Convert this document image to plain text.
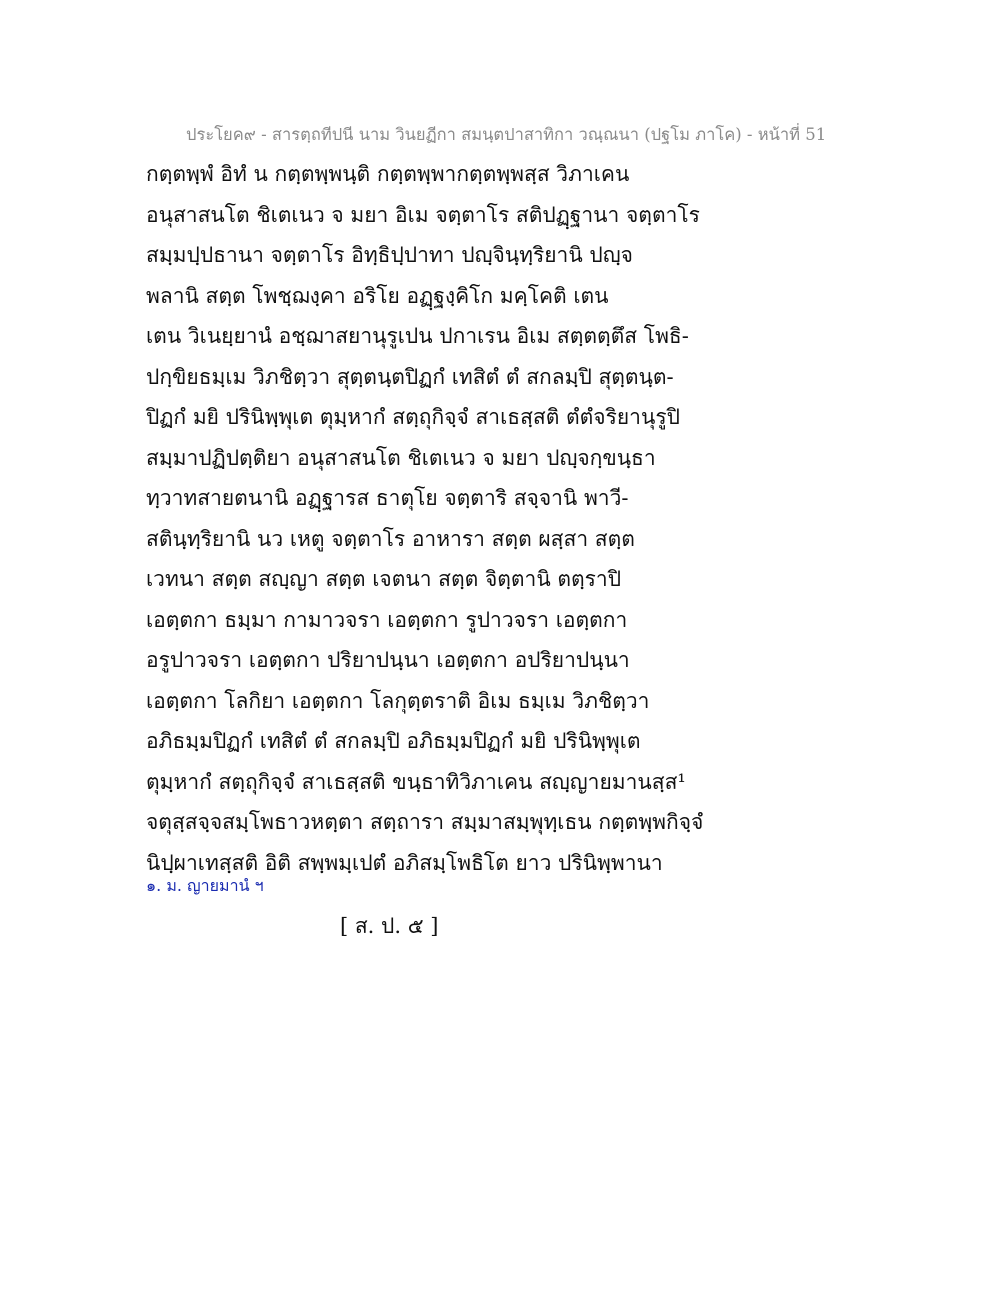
ประโยค๙ - สารตฺถทีปนี นาม วินยฏีกา สมนฺตปาสาทิกา วณฺณนา (ปฐโม ภาโค) - หน้าที่ 51
กตฺตพฺพํ อิทํ น กตฺตพฺพนฺติ กตฺตพฺพากตฺตพฺพสฺส วิภาเคน
อนุสาสนโต ชิเตเนว จ มยา อิเม จตฺตาโร สติปฏฺฐานา จตฺตาโร
สมฺมปฺปธานา จตฺตาโร อิทฺธิปฺปาทา ปญฺจินฺทฺริยานิ ปญฺจ
พลานิ สตฺต โพชฺฌงฺคา อริโย อฏฺฐงฺคิโก มคฺโคติ เตน
เตน วิเนยฺยานํ อชฺฌาสยานุรูเปน ปกาเรน อิเม สตฺตตฺตึส โพธิ-
ปกฺขิยธมฺเม วิภชิตฺวา สุตฺตนฺตปิฏกํ เทสิตํ ตํ สกลมฺปิ สุตฺตนฺต-
ปิฏกํ มยิ ปรินิพฺพุเต ตุมฺหากํ สตฺถุกิจฺจํ สาเธสฺสติ ตํตํจริยานุรูปิ
สมฺมาปฏิปตฺติยา อนุสาสนโต ชิเตเนว จ มยา ปญฺจกฺขนฺธา
ทฺวาทสายตนานิ อฏฺฐารส ธาตุโย จตฺตาริ สจฺจานิ พาวี-
สตินฺทฺริยานิ นว เหตู จตฺตาโร อาหารา สตฺต ผสฺสา สตฺต
เวทนา สตฺต สญฺญา สตฺต เจตนา สตฺต จิตฺตานิ ตตฺราปิ
เอตฺตกา ธมฺมา กามาวจรา เอตฺตกา รูปาวจรา เอตฺตกา
อรูปาวจรา เอตฺตกา ปริยาปนฺนา เอตฺตกา อปริยาปนฺนา
เอตฺตกา โลกิยา เอตฺตกา โลกุตฺตราติ อิเม ธมฺเม วิภชิตฺวา
อภิธมฺมปิฏกํ เทสิตํ ตํ สกลมฺปิ อภิธมฺมปิฏกํ มยิ ปรินิพฺพุเต
ตุมฺหากํ สตฺถุกิจฺจํ สาเธสฺสติ ขนฺธาทิวิภาเคน สญฺญายมานสฺส¹
จตุสฺสจฺจสมฺโพธาวหตฺตา สตฺถารา สมฺมาสมฺพุทฺเธน กตฺตพฺพกิจฺจํ
นิปฺผาเทสฺสติ อิติ สพฺพมฺเปตํ อภิสมฺโพธิโต ยาว ปรินิพฺพานา
๑. ม. ญายมานํ ฯ
[ ส. ป. ๕ ]
